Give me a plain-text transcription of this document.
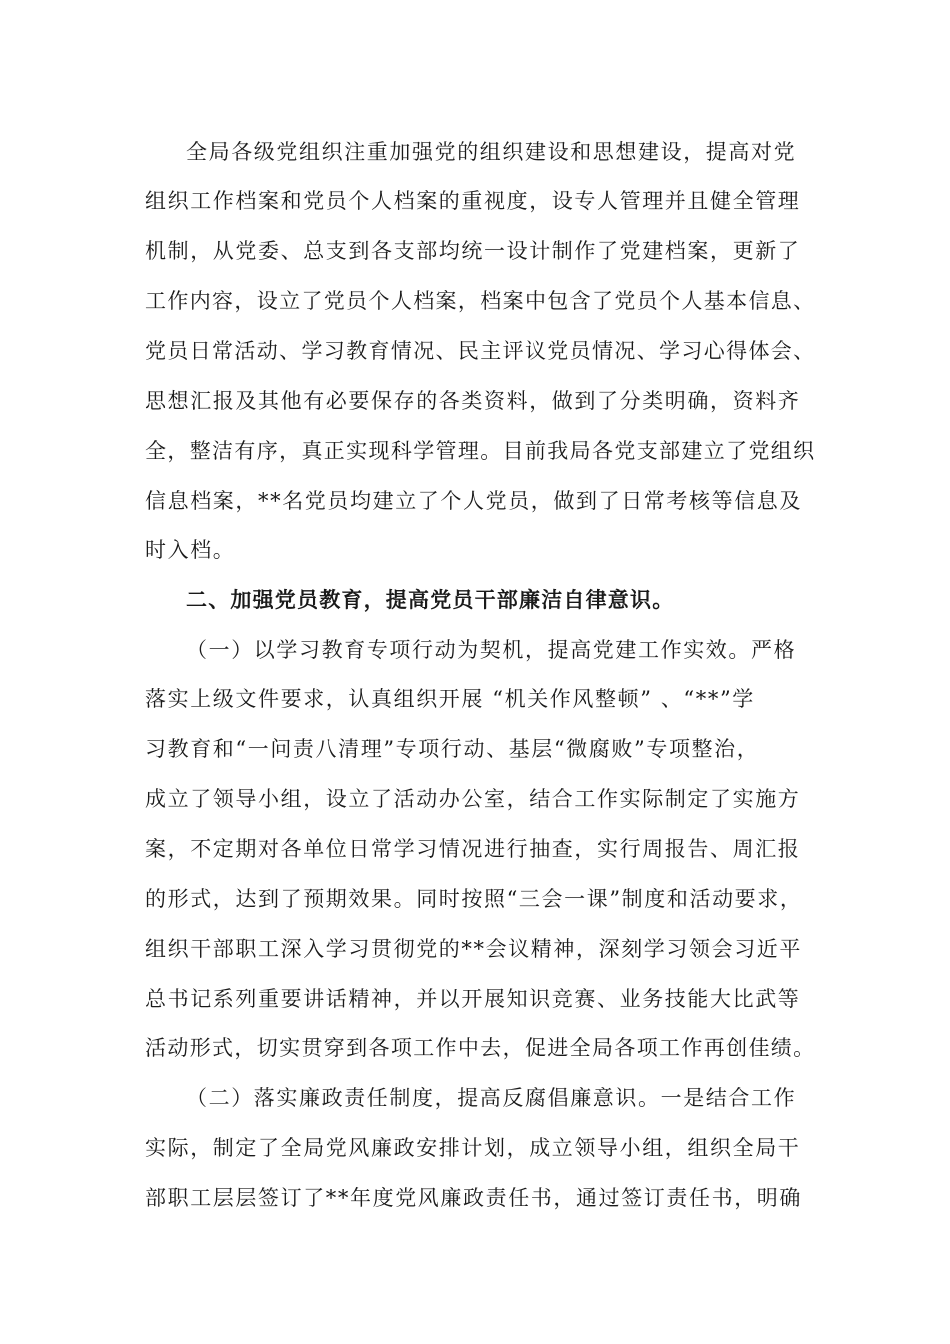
全局各级党组织注重加强党的组织建设和思想建设，提高对党
组织工作档案和党员个人档案的重视度，设专人管理并且健全管理
机制，从党委、总支到各支部均统一设计制作了党建档案，更新了
工作内容，设立了党员个人档案，档案中包含了党员个人基本信息、
党员日常活动、学习教育情况、民主评议党员情况、学习心得体会、
思想汇报及其他有必要保存的各类资料，做到了分类明确，资料齐
全，整洁有序，真正实现科学管理。目前我局各党支部建立了党组织
信息档案，**名党员均建立了个人党员，做到了日常考核等信息及
时入档。
二、加强党员教育，提高党员干部廉洁自律意识。
（一）以学习教育专项行动为契机，提高党建工作实效。严格
落实上级文件要求，认真组织开展 “机关作风整顿” 、“**”学
习教育和“一问责八清理”专项行动、基层“微腐败”专项整治，
成立了领导小组，设立了活动办公室，结合工作实际制定了实施方
案，不定期对各单位日常学习情况进行抽查，实行周报告、周汇报
的形式，达到了预期效果。同时按照“三会一课”制度和活动要求，
组织干部职工深入学习贯彻党的**会议精神，深刻学习领会习近平
总书记系列重要讲话精神，并以开展知识竞赛、业务技能大比武等
活动形式，切实贯穿到各项工作中去，促进全局各项工作再创佳绩。
（二）落实廉政责任制度，提高反腐倡廉意识。一是结合工作
实际，制定了全局党风廉政安排计划，成立领导小组，组织全局干
部职工层层签订了**年度党风廉政责任书，通过签订责任书，明确
